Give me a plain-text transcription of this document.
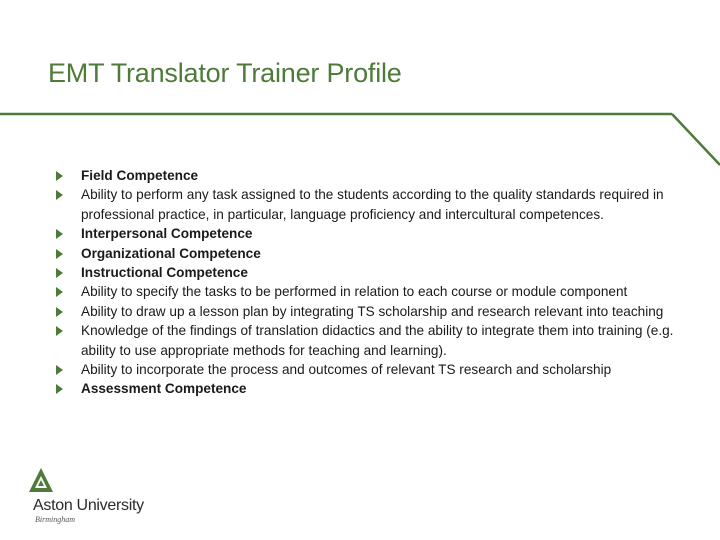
EMT Translator Trainer Profile
Field Competence
Ability to perform any task assigned to the students according to the quality standards required in professional practice, in particular, language proficiency and intercultural competences.
Interpersonal Competence
Organizational Competence
Instructional Competence
Ability to specify the tasks to be performed in relation to each course or module component
Ability to draw up a lesson plan by integrating TS scholarship and research relevant into teaching
Knowledge of the findings of translation didactics and the ability to integrate them into training (e.g. ability to use appropriate methods for teaching and learning).
Ability to incorporate the process and outcomes of relevant TS research and scholarship
Assessment Competence
Aston University
Birmingham
